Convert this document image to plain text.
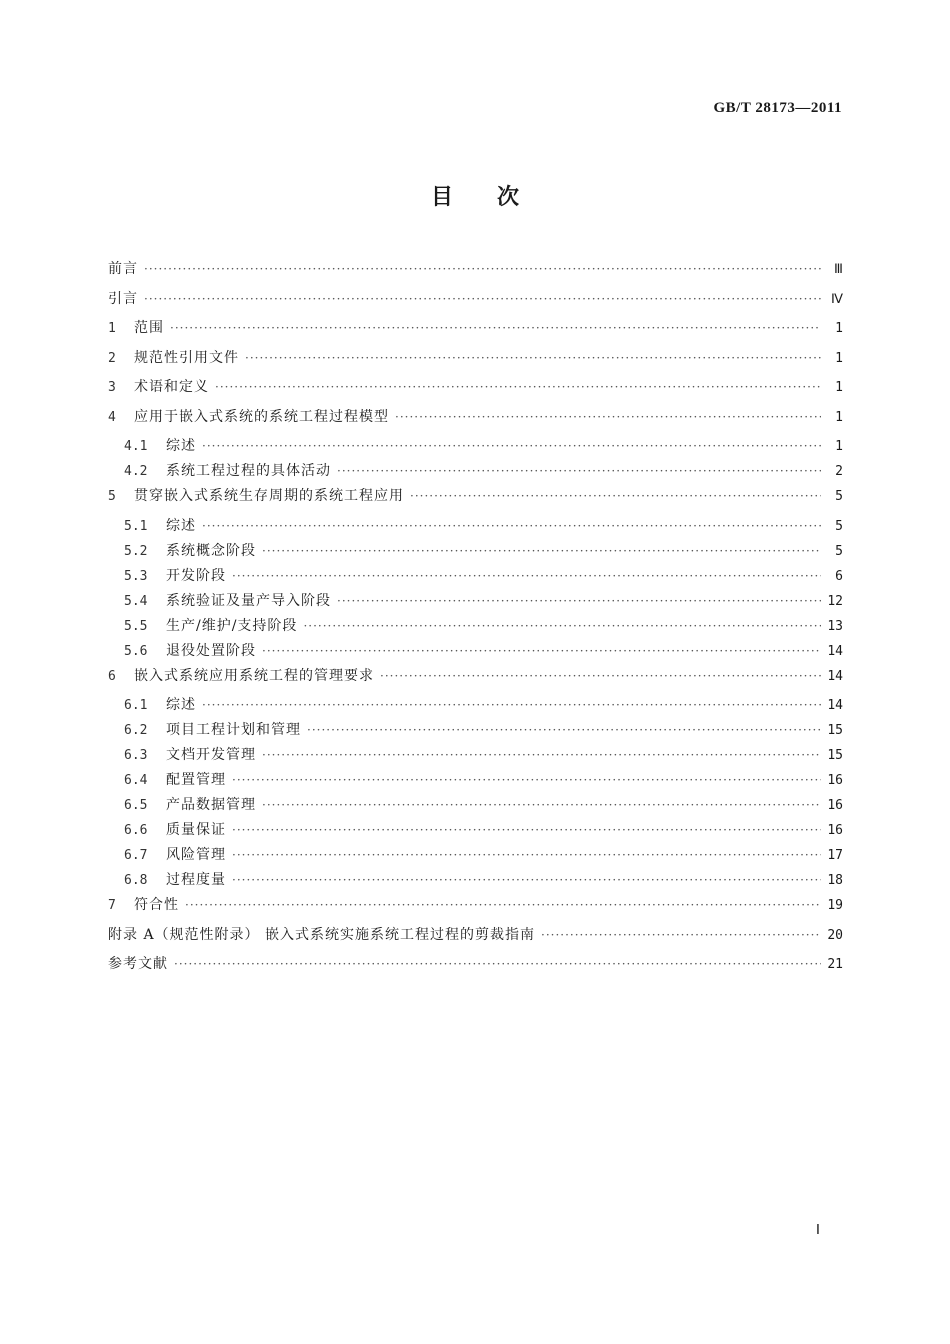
GB/T 28173—2011
目次
前言 ·····	Ⅲ
引言 ·····	Ⅳ
1	范围 ·····	1
2	规范性引用文件 ·····	1
3	术语和定义 ·····	1
4	应用于嵌入式系统的系统工程过程模型 ·····	1
4.1	综述 ·····	1
4.2	系统工程过程的具体活动 ·····	2
5	贯穿嵌入式系统生存周期的系统工程应用 ·····	5
5.1	综述 ·····	5
5.2	系统概念阶段 ·····	5
5.3	开发阶段 ·····	6
5.4	系统验证及量产导入阶段 ·····	12
5.5	生产/维护/支持阶段 ·····	13
5.6	退役处置阶段 ·····	14
6	嵌入式系统应用系统工程的管理要求 ·····	14
6.1	综述 ·····	14
6.2	项目工程计划和管理 ·····	15
6.3	文档开发管理 ·····	15
6.4	配置管理 ·····	16
6.5	产品数据管理 ·····	16
6.6	质量保证 ·····	16
6.7	风险管理 ·····	17
6.8	过程度量 ·····	18
7	符合性 ·····	19
附录 A（规范性附录） 嵌入式系统实施系统工程过程的剪裁指南 ·····	20
参考文献 ·····	21
Ⅰ
